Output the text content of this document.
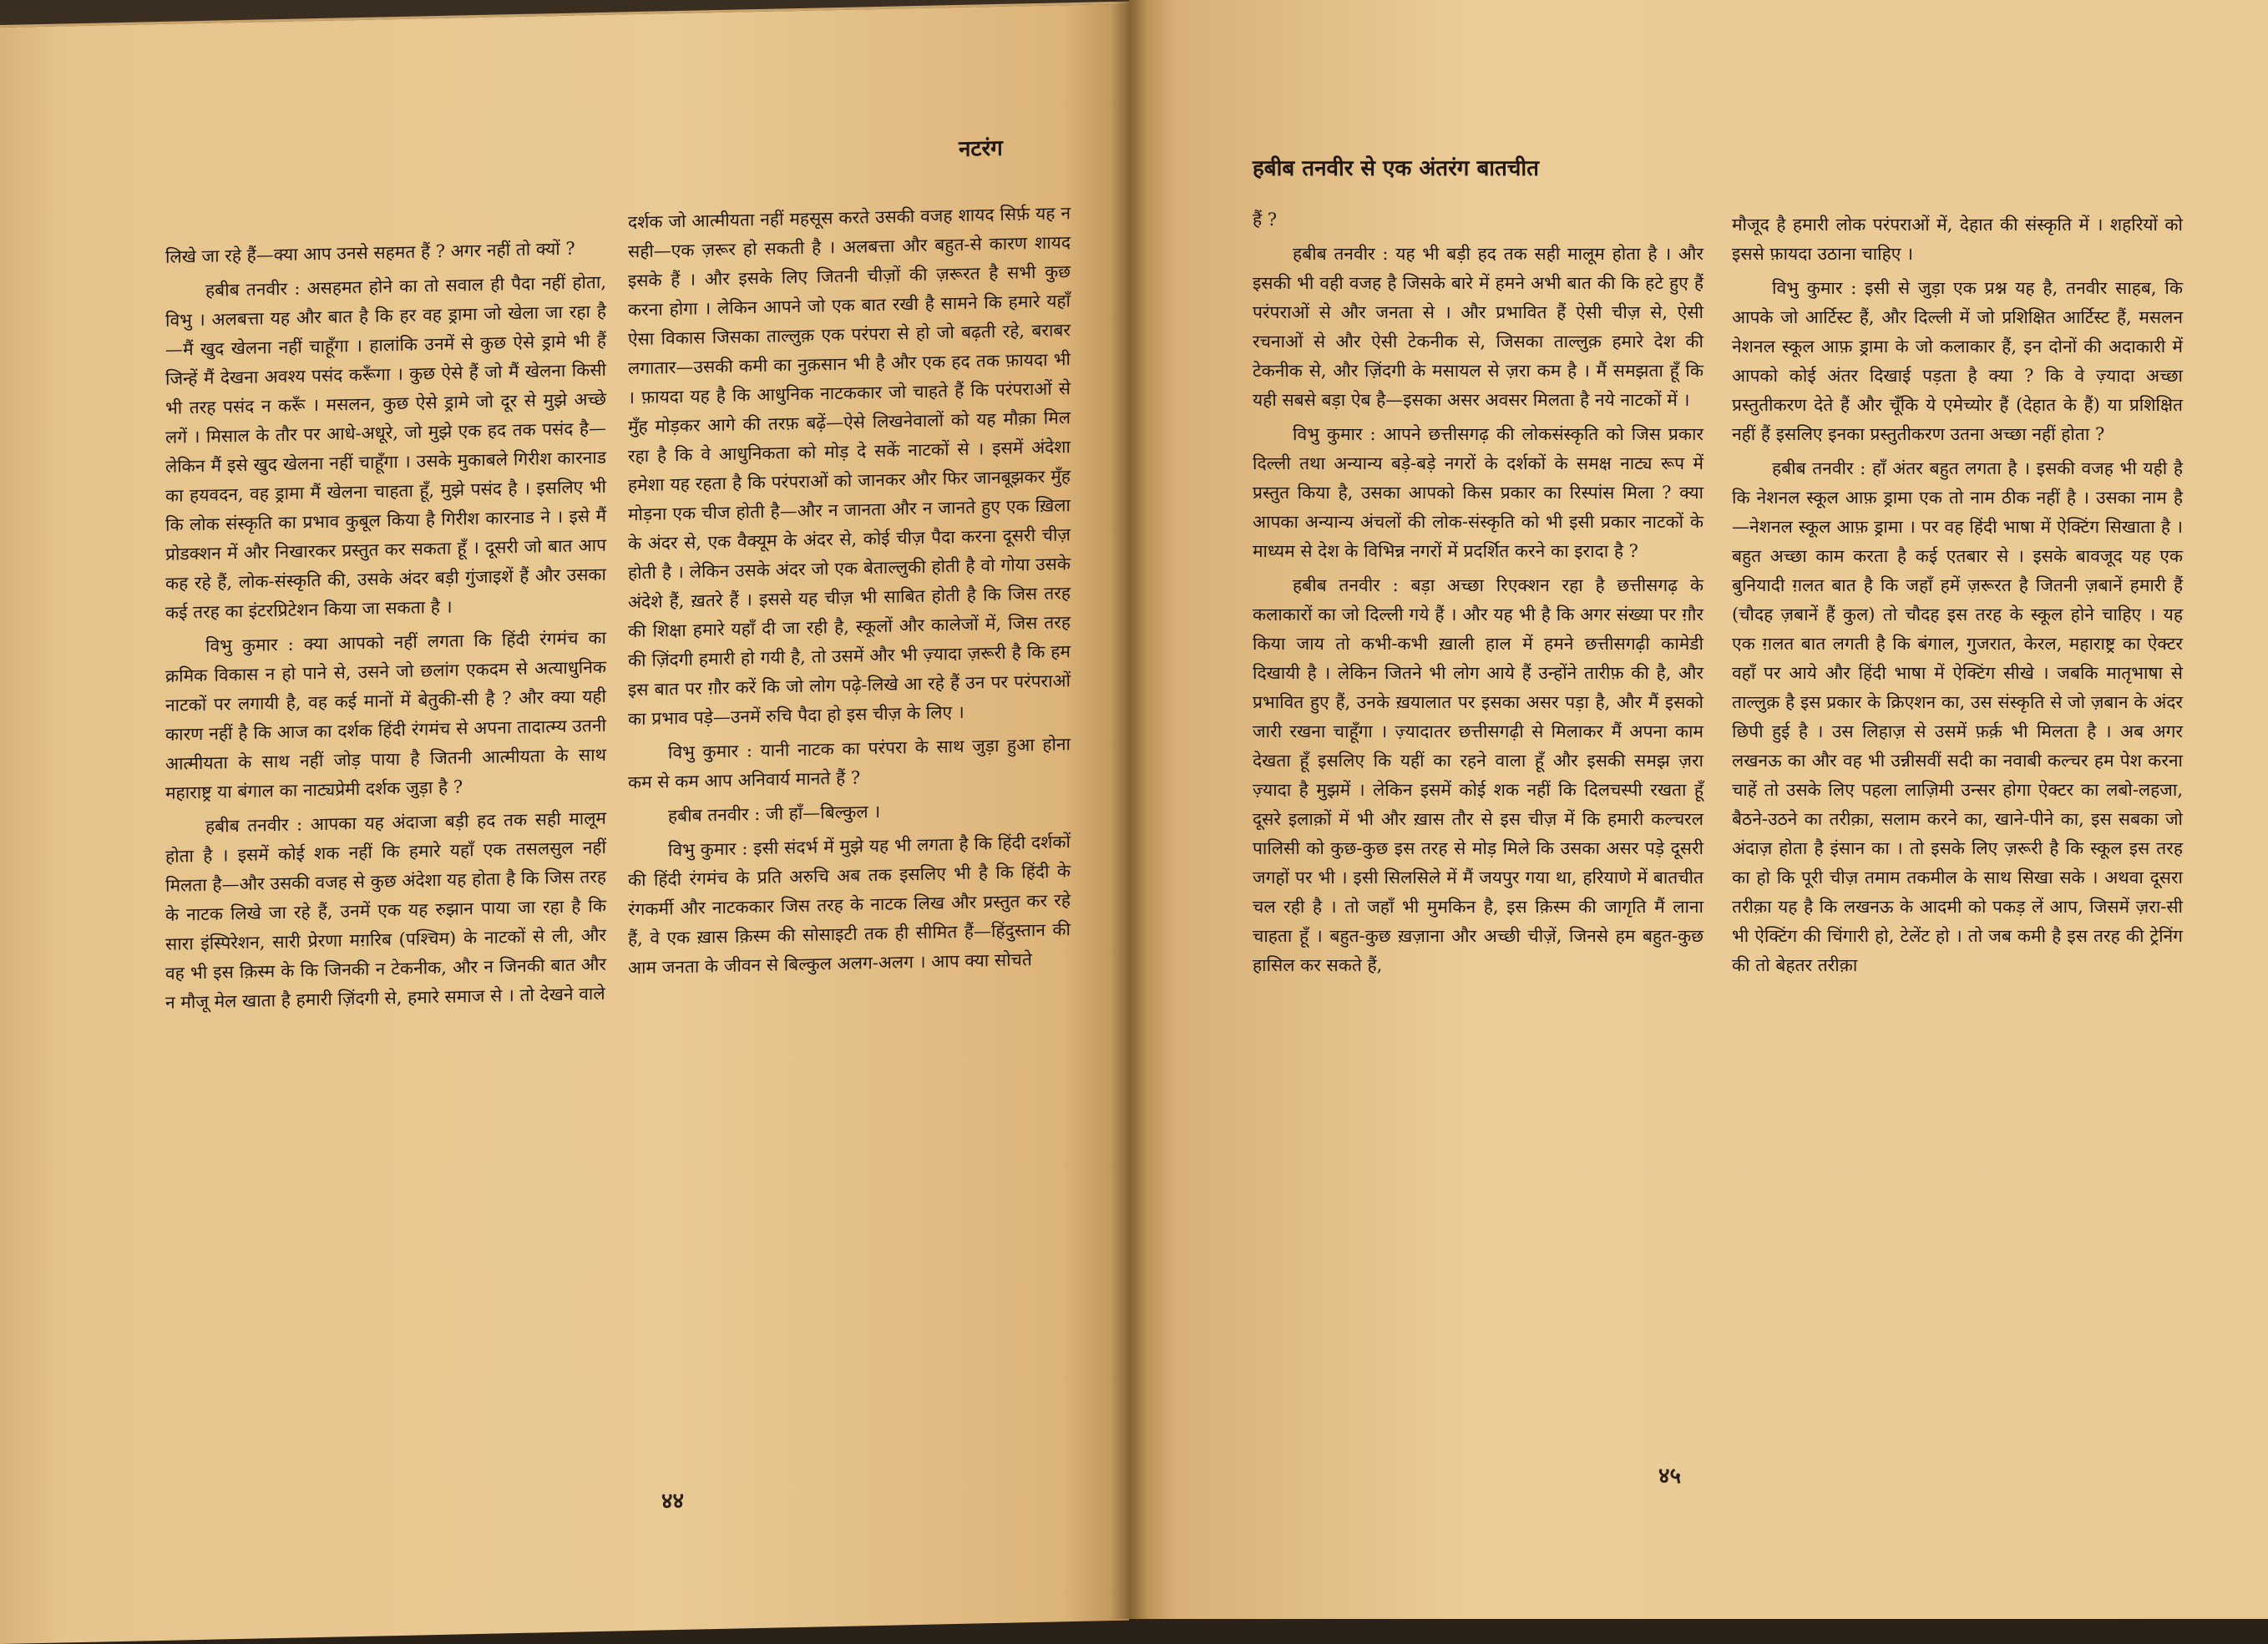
नटरंग

लिखे जा रहे हैं—क्या आप उनसे सहमत हैं ? अगर नहीं तो क्यों ?

हबीब तनवीर : असहमत होने का तो सवाल ही पैदा नहीं होता, विभु । अलबत्ता यह और बात है कि हर वह ड्रामा जो खेला जा रहा है—मैं खुद खेलना नहीं चाहूँगा । हालांकि उनमें से कुछ ऐसे ड्रामे भी हैं जिन्हें मैं देखना अवश्य पसंद करूँगा । कुछ ऐसे हैं जो मैं खेलना किसी भी तरह पसंद न करूँ । मसलन, कुछ ऐसे ड्रामे जो दूर से मुझे अच्छे लगें । मिसाल के तौर पर आधे-अधूरे, जो मुझे एक हद तक पसंद है—लेकिन मैं इसे खुद खेलना नहीं चाहूँगा । उसके मुकाबले गिरीश कारनाड का हयवदन, वह ड्रामा मैं खेलना चाहता हूँ, मुझे पसंद है । इसलिए भी कि लोक संस्कृति का प्रभाव कुबूल किया है गिरीश कारनाड ने । इसे मैं प्रोडक्शन में और निखारकर प्रस्तुत कर सकता हूँ । दूसरी जो बात आप कह रहे हैं, लोक-संस्कृति की, उसके अंदर बड़ी गुंजाइशें हैं और उसका कई तरह का इंटरप्रिटेशन किया जा सकता है ।

विभु कुमार : क्या आपको नहीं लगता कि हिंदी रंगमंच का क्रमिक विकास न हो पाने से, उसने जो छलांग एकदम से अत्याधुनिक नाटकों पर लगायी है, वह कई मानों में बेतुकी-सी है ? और क्या यही कारण नहीं है कि आज का दर्शक हिंदी रंगमंच से अपना तादात्म्य उतनी आत्मीयता के साथ नहीं जोड़ पाया है जितनी आत्मीयता के साथ महाराष्ट्र या बंगाल का नाट्यप्रेमी दर्शक जुड़ा है ?

हबीब तनवीर : आपका यह अंदाजा बड़ी हद तक सही मालूम होता है । इसमें कोई शक नहीं कि हमारे यहाँ एक तसलसुल नहीं मिलता है—और उसकी वजह से कुछ अंदेशा यह होता है कि जिस तरह के नाटक लिखे जा रहे हैं, उनमें एक यह रुझान पाया जा रहा है कि सारा इंस्पिरेशन, सारी प्रेरणा मग़रिब (पश्चिम) के नाटकों से ली, और वह भी इस क़िस्म के कि जिनकी न टेकनीक, और न जिनकी बात और न मौजू मेल खाता है हमारी ज़िंदगी से, हमारे समाज से । तो देखने वाले

दर्शक जो आत्मीयता नहीं महसूस करते उसकी वजह शायद सिर्फ़ यह न सही—एक ज़रूर हो सकती है । अलबत्ता और बहुत-से कारण शायद इसके हैं । और इसके लिए जितनी चीज़ों की ज़रूरत है सभी कुछ करना होगा । लेकिन आपने जो एक बात रखी है सामने कि हमारे यहाँ ऐसा विकास जिसका ताल्लुक़ एक परंपरा से हो जो बढ़ती रहे, बराबर लगातार—उसकी कमी का नुक़सान भी है और एक हद तक फ़ायदा भी । फ़ायदा यह है कि आधुनिक नाटककार जो चाहते हैं कि परंपराओं से मुँह मोड़कर आगे की तरफ़ बढ़ें—ऐसे लिखनेवालों को यह मौक़ा मिल रहा है कि वे आधुनिकता को मोड़ दे सकें नाटकों से । इसमें अंदेशा हमेशा यह रहता है कि परंपराओं को जानकर और फिर जानबूझकर मुँह मोड़ना एक चीज होती है—और न जानता और न जानते हुए एक ख़िला के अंदर से, एक वैक्यूम के अंदर से, कोई चीज़ पैदा करना दूसरी चीज़ होती है । लेकिन उसके अंदर जो एक बेताल्लुकी होती है वो गोया उसके अंदेशे हैं, ख़तरे हैं । इससे यह चीज़ भी साबित होती है कि जिस तरह की शिक्षा हमारे यहाँ दी जा रही है, स्कूलों और कालेजों में, जिस तरह की ज़िंदगी हमारी हो गयी है, तो उसमें और भी ज़्यादा ज़रूरी है कि हम इस बात पर ग़ौर करें कि जो लोग पढ़े-लिखे आ रहे हैं उन पर परंपराओं का प्रभाव पड़े—उनमें रुचि पैदा हो इस चीज़ के लिए ।

विभु कुमार : यानी नाटक का परंपरा के साथ जुड़ा हुआ होना कम से कम आप अनिवार्य मानते हैं ?

हबीब तनवीर : जी हाँ—बिल्कुल ।

विभु कुमार : इसी संदर्भ में मुझे यह भी लगता है कि हिंदी दर्शकों की हिंदी रंगमंच के प्रति अरुचि अब तक इसलिए भी है कि हिंदी के रंगकर्मी और नाटककार जिस तरह के नाटक लिख और प्रस्तुत कर रहे हैं, वे एक ख़ास क़िस्म की सोसाइटी तक ही सीमित हैं—हिंदुस्तान की आम जनता के जीवन से बिल्कुल अलग-अलग । आप क्या सोचते

४४
हबीब तनवीर से एक अंतरंग बातचीत

हैं ?

हबीब तनवीर : यह भी बड़ी हद तक सही मालूम होता है । और इसकी भी वही वजह है जिसके बारे में हमने अभी बात की कि हटे हुए हैं परंपराओं से और जनता से । और प्रभावित हैं ऐसी चीज़ से, ऐसी रचनाओं से और ऐसी टेकनीक से, जिसका ताल्लुक़ हमारे देश की टेकनीक से, और ज़िंदगी के मसायल से ज़रा कम है । मैं समझता हूँ कि यही सबसे बड़ा ऐब है—इसका असर अवसर मिलता है नये नाटकों में ।

विभु कुमार : आपने छत्तीसगढ़ की लोकसंस्कृति को जिस प्रकार दिल्ली तथा अन्यान्य बड़े-बड़े नगरों के दर्शकों के समक्ष नाट्य रूप में प्रस्तुत किया है, उसका आपको किस प्रकार का रिस्पांस मिला ? क्या आपका अन्यान्य अंचलों की लोक-संस्कृति को भी इसी प्रकार नाटकों के माध्यम से देश के विभिन्न नगरों में प्रदर्शित करने का इरादा है ?

हबीब तनवीर : बड़ा अच्छा रिएक्शन रहा है छत्तीसगढ़ के कलाकारों का जो दिल्ली गये हैं । और यह भी है कि अगर संख्या पर ग़ौर किया जाय तो कभी-कभी ख़ाली हाल में हमने छत्तीसगढ़ी कामेडी दिखायी है । लेकिन जितने भी लोग आये हैं उन्होंने तारीफ़ की है, और प्रभावित हुए हैं, उनके ख़यालात पर इसका असर पड़ा है, और मैं इसको जारी रखना चाहूँगा । ज़्यादातर छत्तीसगढ़ी से मिलाकर मैं अपना काम देखता हूँ इसलिए कि यहीं का रहने वाला हूँ और इसकी समझ ज़रा ज़्यादा है मुझमें । लेकिन इसमें कोई शक नहीं कि दिलचस्पी रखता हूँ दूसरे इलाक़ों में भी और ख़ास तौर से इस चीज़ में कि हमारी कल्चरल पालिसी को कुछ-कुछ इस तरह से मोड़ मिले कि उसका असर पड़े दूसरी जगहों पर भी । इसी सिलसिले में मैं जयपुर गया था, हरियाणे में बातचीत चल रही है । तो जहाँ भी मुमकिन है, इस क़िस्म की जागृति मैं लाना चाहता हूँ । बहुत-कुछ ख़ज़ाना और अच्छी चीज़ें, जिनसे हम बहुत-कुछ हासिल कर सकते हैं,

मौजूद है हमारी लोक परंपराओं में, देहात की संस्कृति में । शहरियों को इससे फ़ायदा उठाना चाहिए ।

विभु कुमार : इसी से जुड़ा एक प्रश्न यह है, तनवीर साहब, कि आपके जो आर्टिस्ट हैं, और दिल्ली में जो प्रशिक्षित आर्टिस्ट हैं, मसलन नेशनल स्कूल आफ़ ड्रामा के जो कलाकार हैं, इन दोनों की अदाकारी में आपको कोई अंतर दिखाई पड़ता है क्या ? कि वे ज़्यादा अच्छा प्रस्तुतीकरण देते हैं और चूँकि ये एमेच्योर हैं (देहात के हैं) या प्रशिक्षित नहीं हैं इसलिए इनका प्रस्तुतीकरण उतना अच्छा नहीं होता ?

हबीब तनवीर : हाँ अंतर बहुत लगता है । इसकी वजह भी यही है कि नेशनल स्कूल आफ़ ड्रामा एक तो नाम ठीक नहीं है । उसका नाम है—नेशनल स्कूल आफ़ ड्रामा । पर वह हिंदी भाषा में ऐक्टिंग सिखाता है । बहुत अच्छा काम करता है कई एतबार से । इसके बावजूद यह एक बुनियादी ग़लत बात है कि जहाँ हमें ज़रूरत है जितनी ज़बानें हमारी हैं (चौदह ज़बानें हैं कुल) तो चौदह इस तरह के स्कूल होने चाहिए । यह एक ग़लत बात लगती है कि बंगाल, गुजरात, केरल, महाराष्ट्र का ऐक्टर वहाँ पर आये और हिंदी भाषा में ऐक्टिंग सीखे । जबकि मातृभाषा से ताल्लुक़ है इस प्रकार के क्रिएशन का, उस संस्कृति से जो ज़बान के अंदर छिपी हुई है । उस लिहाज़ से उसमें फ़र्क़ भी मिलता है । अब अगर लखनऊ का और वह भी उन्नीसवीं सदी का नवाबी कल्चर हम पेश करना चाहें तो उसके लिए पहला लाज़िमी उन्सर होगा ऐक्टर का लबो-लहजा, बैठने-उठने का तरीक़ा, सलाम करने का, खाने-पीने का, इस सबका जो अंदाज़ होता है इंसान का । तो इसके लिए ज़रूरी है कि स्कूल इस तरह का हो कि पूरी चीज़ तमाम तकमील के साथ सिखा सके । अथवा दूसरा तरीक़ा यह है कि लखनऊ के आदमी को पकड़ लें आप, जिसमें ज़रा-सी भी ऐक्टिंग की चिंगारी हो, टेलेंट हो । तो जब कमी है इस तरह की ट्रेनिंग की तो बेहतर तरीक़ा

४५
